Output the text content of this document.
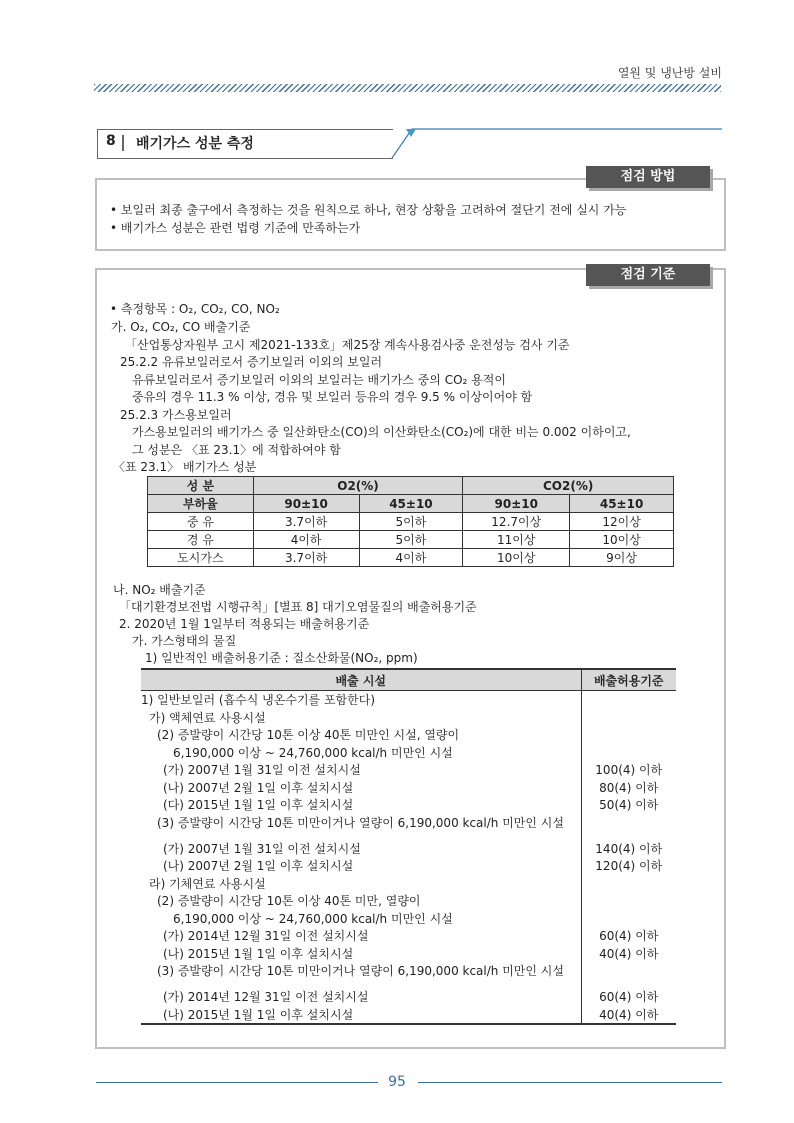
열원 및 냉난방 설비
8 배기가스 성분 측정
점검 방법
• 보일러 최종 출구에서 측정하는 것을 원칙으로 하나, 현장 상황을 고려하여 절단기 전에 실시 가능
• 배기가스 성분은 관련 법령 기준에 만족하는가
점검 기준
• 측정항목 : O₂, CO₂, CO, NO₂
가. O₂, CO₂, CO 배출기준
「산업통상자원부 고시 제2021-133호」제25장 계속사용검사중 운전성능 검사 기준
25.2.2 유류보일러로서 증기보일러 이외의 보일러
유류보일러로서 증기보일러 이외의 보일러는 배기가스 중의 CO₂ 용적이
중유의 경우 11.3 % 이상, 경유 및 보일러 등유의 경우 9.5 % 이상이어야 함
25.2.3 가스용보일러
가스용보일러의 배기가스 중 일산화탄소(CO)의 이산화탄소(CO₂)에 대한 비는 0.002 이하이고,
그 성분은 〈표 23.1〉에 적합하여야 함
〈표 23.1〉 배기가스 성분
성 분	O2(%)		CO2(%)	
부하율	90±10	45±10	90±10	45±10
중 유	3.7이하	5이하	12.7이상	12이상
경 유	4이하	5이하	11이상	10이상
도시가스	3.7이하	4이하	10이상	9이상
나. NO₂ 배출기준
「대기환경보전법 시행규칙」[별표 8] 대기오염물질의 배출허용기준
2. 2020년 1월 1일부터 적용되는 배출허용기준
가. 가스형태의 물질
1) 일반적인 배출허용기준 : 질소산화물(NO₂, ppm)
배출 시설	배출허용기준
1) 일반보일러 (흡수식 냉온수기를 포함한다)	
가) 액체연료 사용시설	
(2) 증발량이 시간당 10톤 이상 40톤 미만인 시설, 열량이	
6,190,000 이상 ~ 24,760,000 kcal/h 미만인 시설	
(가) 2007년 1월 31일 이전 설치시설	100(4) 이하
(나) 2007년 2월 1일 이후 설치시설	80(4) 이하
(다) 2015년 1월 1일 이후 설치시설	50(4) 이하
(3) 증발량이 시간당 10톤 미만이거나 열량이 6,190,000 kcal/h 미만인 시설	
(가) 2007년 1월 31일 이전 설치시설	140(4) 이하
(나) 2007년 2월 1일 이후 설치시설	120(4) 이하
라) 기체연료 사용시설	
(2) 증발량이 시간당 10톤 이상 40톤 미만, 열량이	
6,190,000 이상 ~ 24,760,000 kcal/h 미만인 시설	
(가) 2014년 12월 31일 이전 설치시설	60(4) 이하
(나) 2015년 1월 1일 이후 설치시설	40(4) 이하
(3) 증발량이 시간당 10톤 미만이거나 열량이 6,190,000 kcal/h 미만인 시설	
(가) 2014년 12월 31일 이전 설치시설	60(4) 이하
(나) 2015년 1월 1일 이후 설치시설	40(4) 이하
95
